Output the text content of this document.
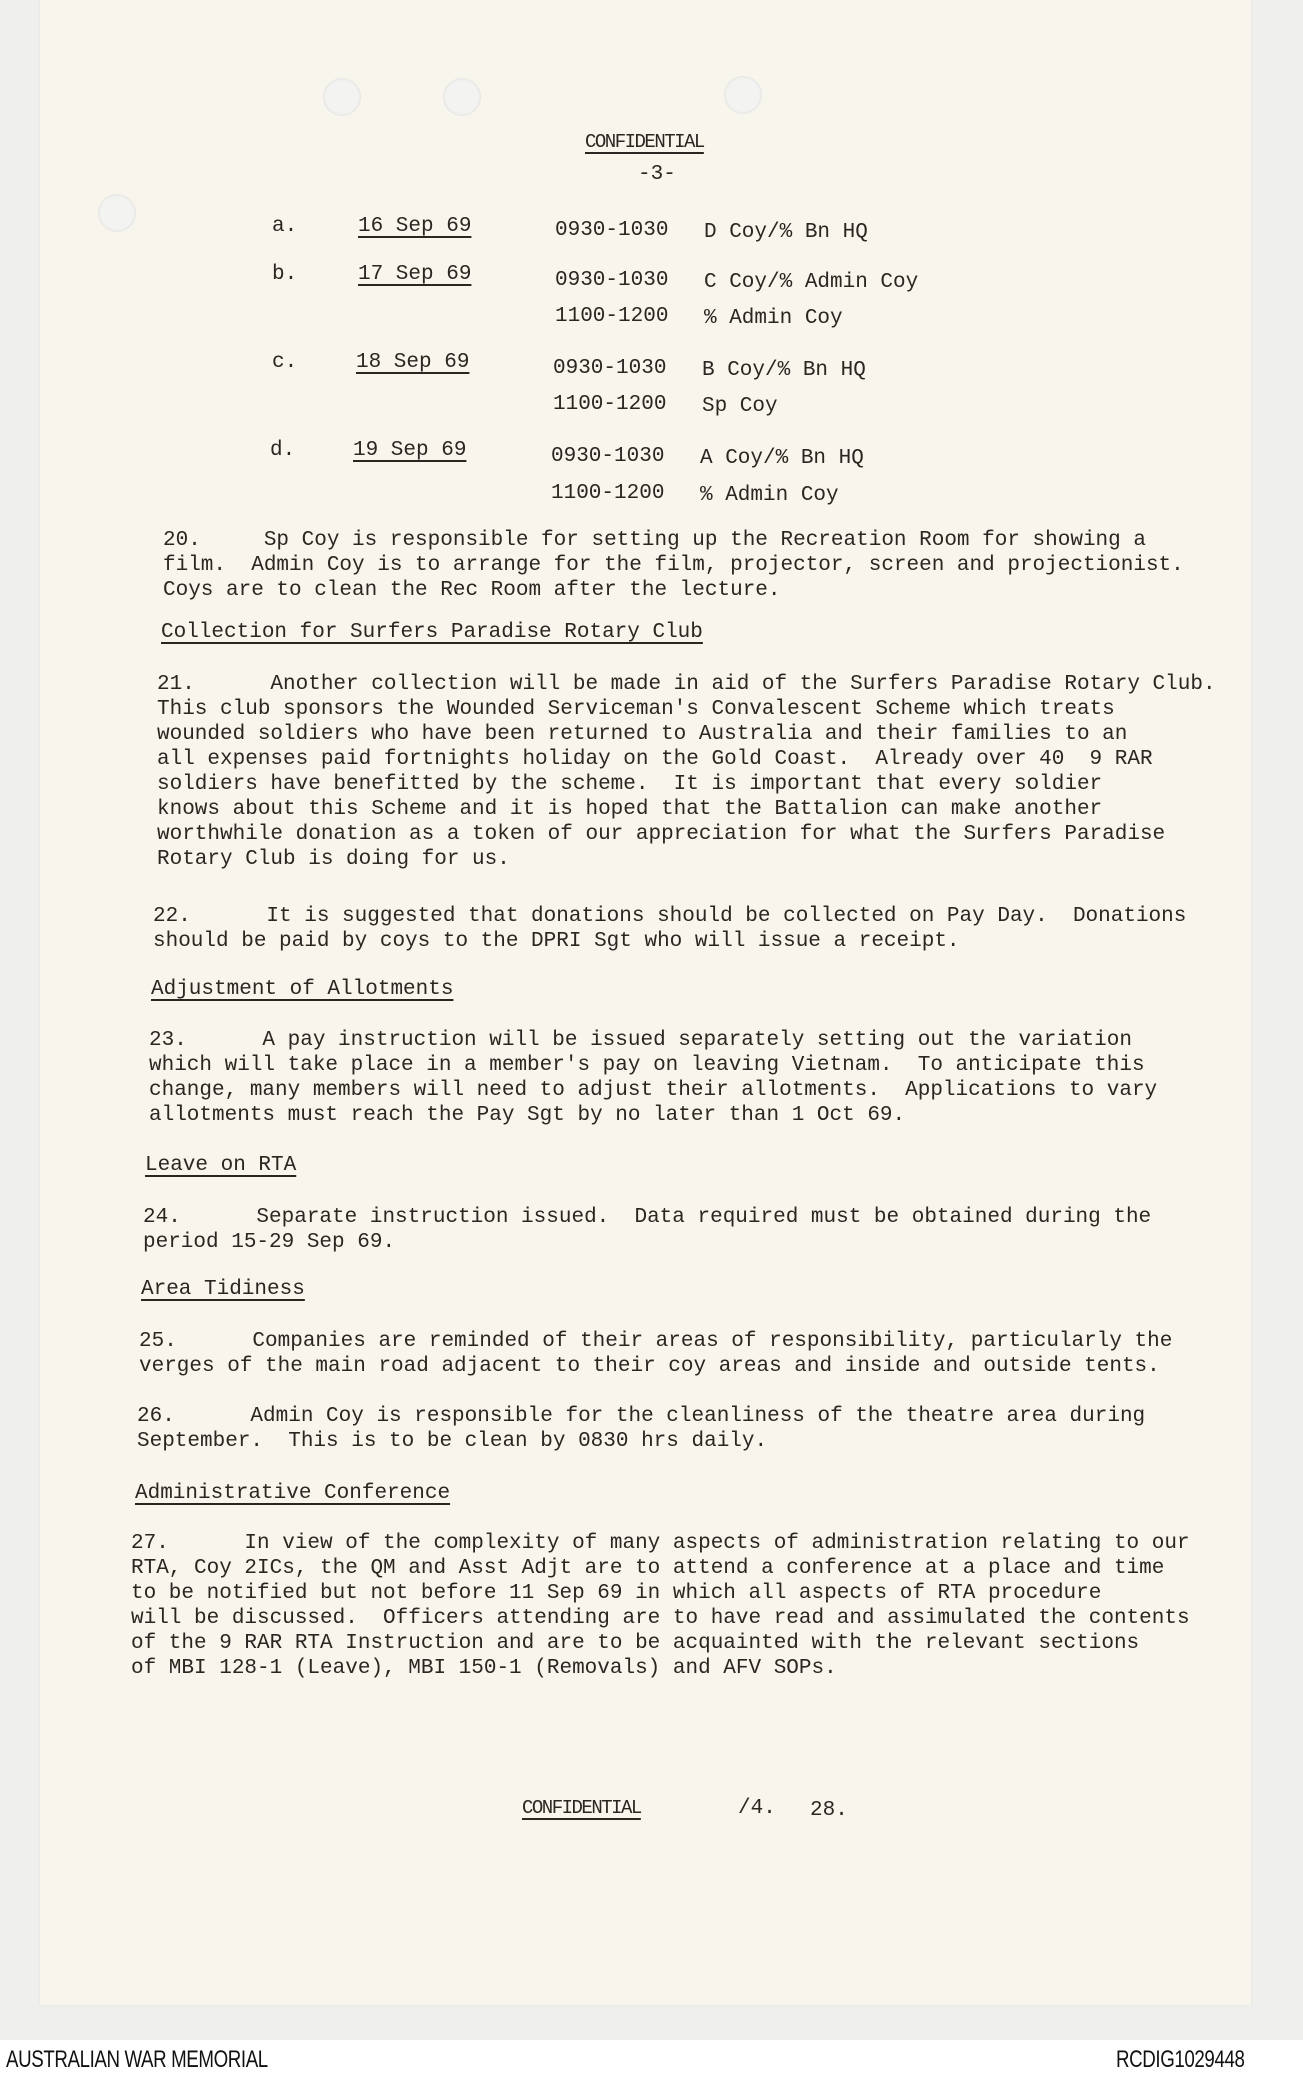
CONFIDENTIAL
-3-
a.	16 Sep 69	0930-1030 D Coy/% Bn HQ
b.	17 Sep 69	0930-1030 C Coy/% Admin Coy
1100-1200 % Admin Coy
c.	18 Sep 69	0930-1030 B Coy/% Bn HQ
1100-1200 Sp Coy
d.	19 Sep 69	0930-1030 A Coy/% Bn HQ
1100-1200 % Admin Coy
20.     Sp Coy is responsible for setting up the Recreation Room for showing a
film.  Admin Coy is to arrange for the film, projector, screen and projectionist.
Coys are to clean the Rec Room after the lecture.
Collection for Surfers Paradise Rotary Club
21.      Another collection will be made in aid of the Surfers Paradise Rotary Club.
This club sponsors the Wounded Serviceman's Convalescent Scheme which treats
wounded soldiers who have been returned to Australia and their families to an
all expenses paid fortnights holiday on the Gold Coast.  Already over 40  9 RAR
soldiers have benefitted by the scheme.  It is important that every soldier
knows about this Scheme and it is hoped that the Battalion can make another
worthwhile donation as a token of our appreciation for what the Surfers Paradise
Rotary Club is doing for us.
22.      It is suggested that donations should be collected on Pay Day.  Donations
should be paid by coys to the DPRI Sgt who will issue a receipt.
Adjustment of Allotments
23.      A pay instruction will be issued separately setting out the variation
which will take place in a member's pay on leaving Vietnam.  To anticipate this
change, many members will need to adjust their allotments.  Applications to vary
allotments must reach the Pay Sgt by no later than 1 Oct 69.
Leave on RTA
24.      Separate instruction issued.  Data required must be obtained during the
period 15-29 Sep 69.
Area Tidiness
25.      Companies are reminded of their areas of responsibility, particularly the
verges of the main road adjacent to their coy areas and inside and outside tents.
26.      Admin Coy is responsible for the cleanliness of the theatre area during
September.  This is to be clean by 0830 hrs daily.
Administrative Conference
27.      In view of the complexity of many aspects of administration relating to our
RTA, Coy 2ICs, the QM and Asst Adjt are to attend a conference at a place and time
to be notified but not before 11 Sep 69 in which all aspects of RTA procedure
will be discussed.  Officers attending are to have read and assimulated the contents
of the 9 RAR RTA Instruction and are to be acquainted with the relevant sections
of MBI 128-1 (Leave), MBI 150-1 (Removals) and AFV SOPs.
CONFIDENTIAL	/4. 28.
AUSTRALIAN WAR MEMORIAL	RCDIG1029448
